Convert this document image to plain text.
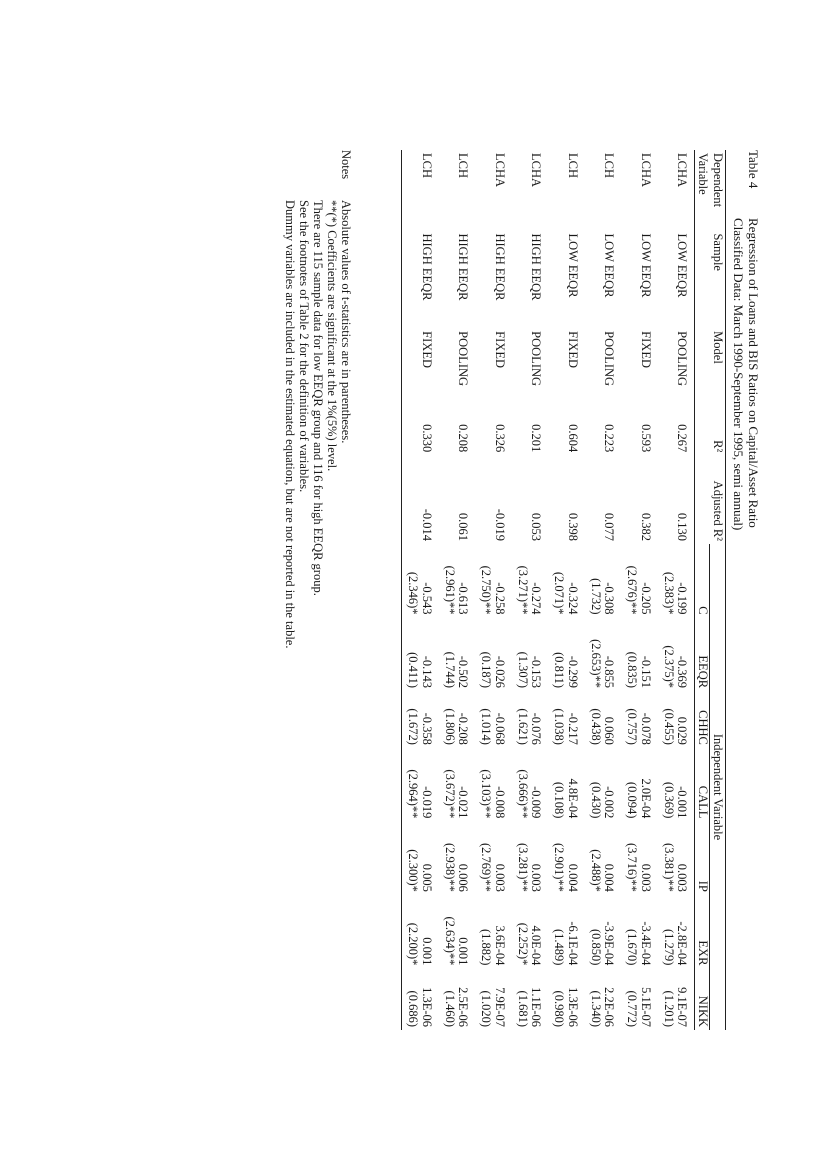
Table 4
Regression of Loans and BIS Ratios on Capital/Asset Ratio
Classified Data: March 1990-September 1995, semi annual)
Dependent	Sample	Model	R²	Adjusted R²	Independent Variable						
Variable					C	EEQR	CHHC	CALL	IP	EXR	NIKK
LCHA	LOW EEQR	POOLING	0.267	0.130	-0.199	-0.369	0.029	-0.001	0.003	-2.8E-04	9.1E-07
					(2.383)*	(2.375)*	(0.455)	(0.369)	(3.381)**	(1.279)	(1.201)
LCHA	LOW EEQR	FIXED	0.593	0.382	-0.205	-0.151	-0.078	2.0E-04	0.003	-3.4E-04	5.1E-07
					(2.676)**	(0.835)	(0.757)	(0.094)	(3.716)**	(1.670)	(0.772)
LCH	LOW EEQR	POOLING	0.223	0.077	-0.308	-0.855	0.060	-0.002	0.004	-3.9E-04	2.2E-06
					(1.732)	(2.653)**	(0.438)	(0.430)	(2.488)*	(0.850)	(1.340)
LCH	LOW EEQR	FIXED	0.604	0.398	-0.324	-0.299	-0.217	4.8E-04	0.004	-6.1E-04	1.3E-06
					(2.071)*	(0.811)	(1.038)	(0.108)	(2.901)**	(1.489)	(0.980)
LCHA	HIGH EEQR	POOLING	0.201	0.053	-0.274	-0.153	-0.076	-0.009	0.003	4.0E-04	1.1E-06
					(3.271)**	(1.307)	(1.621)	(3.666)**	(3.281)**	(2.252)*	(1.681)
LCHA	HIGH EEQR	FIXED	0.326	-0.019	-0.258	-0.026	-0.068	-0.008	0.003	3.6E-04	7.9E-07
					(2.750)**	(0.187)	(1.014)	(3.103)**	(2.769)**	(1.882)	(1.020)
LCH	HIGH EEQR	POOLING	0.208	0.061	-0.613	-0.502	-0.208	-0.021	0.006	0.001	2.5E-06
					(2.961)**	(1.744)	(1.806)	(3.672)**	(2.938)**	(2.634)**	(1.460)
LCH	HIGH EEQR	FIXED	0.330	-0.014	-0.543	-0.143	-0.358	-0.019	0.005	0.001	1.3E-06
					(2.346)*	(0.411)	(1.672)	(2.964)**	(2.300)*	(2.200)*	(0.686)
Notes
Absolute values of t-statistics are in parentheses.
**(*) Coefficients are significant at the 1%(5%) level.
There are 115 sample data for low EEQR group and 116 for high EEQR group.
See the footnotes of Table 2 for the definition of variables.
Dummy variables are included in the estimated equation, but are not reported in the table.
